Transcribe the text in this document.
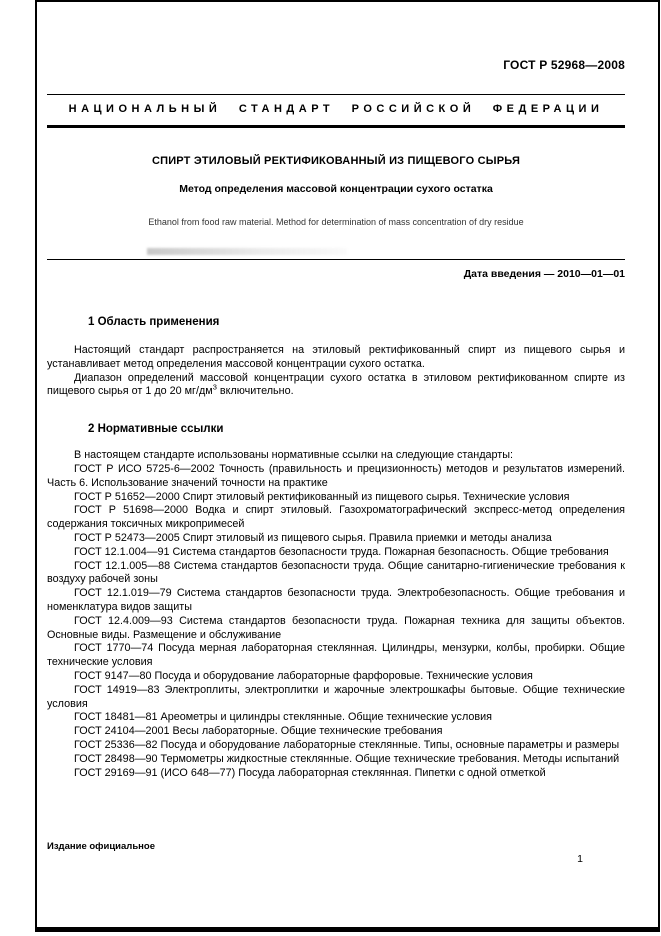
ГОСТ Р 52968—2008
НАЦИОНАЛЬНЫЙ СТАНДАРТ РОССИЙСКОЙ ФЕДЕРАЦИИ
СПИРТ ЭТИЛОВЫЙ РЕКТИФИКОВАННЫЙ ИЗ ПИЩЕВОГО СЫРЬЯ
Метод определения массовой концентрации сухого остатка
Ethanol from food raw material. Method for determination of mass concentration of dry residue
Дата введения — 2010—01—01
1 Область применения

Настоящий стандарт распространяется на этиловый ректификованный спирт из пищевого сырья и устанавливает метод определения массовой концентрации сухого остатка.

Диапазон определений массовой концентрации сухого остатка в этиловом ректификованном спирте из пищевого сырья от 1 до 20 $мг/дм^3$ включительно.

2 Нормативные ссылки

В настоящем стандарте использованы нормативные ссылки на следующие стандарты:

ГОСТ Р ИСО 5725-6—2002 Точность (правильность и прецизионность) методов и результатов измерений. Часть 6. Использование значений точности на практике

ГОСТ Р 51652—2000 Спирт этиловый ректификованный из пищевого сырья. Технические условия

ГОСТ Р 51698—2000 Водка и спирт этиловый. Газохроматографический экспресс-метод определения содержания токсичных микропримесей

ГОСТ Р 52473—2005 Спирт этиловый из пищевого сырья. Правила приемки и методы анализа

ГОСТ 12.1.004—91 Система стандартов безопасности труда. Пожарная безопасность. Общие требования

ГОСТ 12.1.005—88 Система стандартов безопасности труда. Общие санитарно-гигиенические требования к воздуху рабочей зоны

ГОСТ 12.1.019—79 Система стандартов безопасности труда. Электробезопасность. Общие требования и номенклатура видов защиты

ГОСТ 12.4.009—93 Система стандартов безопасности труда. Пожарная техника для защиты объектов. Основные виды. Размещение и обслуживание

ГОСТ 1770—74 Посуда мерная лабораторная стеклянная. Цилиндры, мензурки, колбы, пробирки. Общие технические условия

ГОСТ 9147—80 Посуда и оборудование лабораторные фарфоровые. Технические условия

ГОСТ 14919—83 Электроплиты, электроплитки и жарочные электрошкафы бытовые. Общие технические условия

ГОСТ 18481—81 Ареометры и цилиндры стеклянные. Общие технические условия

ГОСТ 24104—2001 Весы лабораторные. Общие технические требования

ГОСТ 25336—82 Посуда и оборудование лабораторные стеклянные. Типы, основные параметры и размеры

ГОСТ 28498—90 Термометры жидкостные стеклянные. Общие технические требования. Методы испытаний

ГОСТ 29169—91 (ИСО 648—77) Посуда лабораторная стеклянная. Пипетки с одной отметкой

Издание официальное
1
